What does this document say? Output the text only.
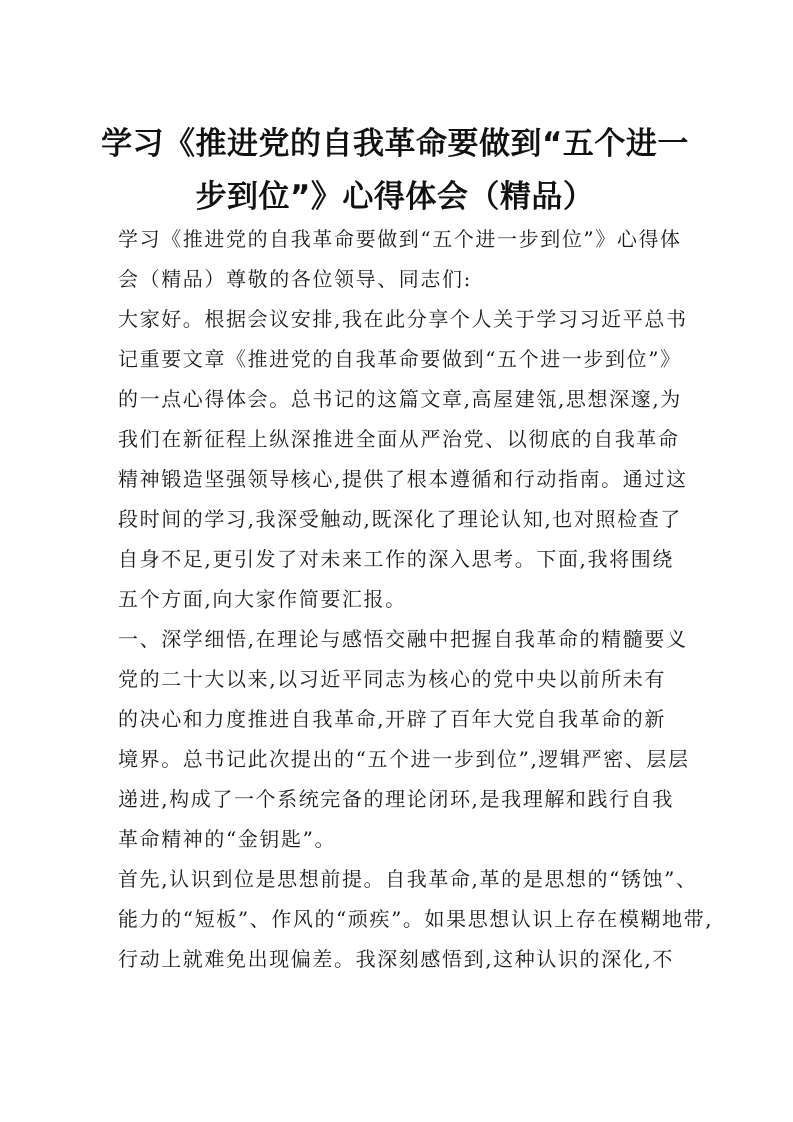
学习《推进党的自我革命要做到“五个进一
步到位”》心得体会（精品）

学习《推进党的自我革命要做到“五个进一步到位”》心得体
会（精品）尊敬的各位领导、同志们:

大家好。根据会议安排,我在此分享个人关于学习习近平总书
记重要文章《推进党的自我革命要做到“五个进一步到位”》
的一点心得体会。总书记的这篇文章,高屋建瓴,思想深邃,为
我们在新征程上纵深推进全面从严治党、以彻底的自我革命
精神锻造坚强领导核心,提供了根本遵循和行动指南。通过这
段时间的学习,我深受触动,既深化了理论认知,也对照检查了
自身不足,更引发了对未来工作的深入思考。下面,我将围绕
五个方面,向大家作简要汇报。

一、深学细悟,在理论与感悟交融中把握自我革命的精髓要义
党的二十大以来,以习近平同志为核心的党中央以前所未有
的决心和力度推进自我革命,开辟了百年大党自我革命的新
境界。总书记此次提出的“五个进一步到位”,逻辑严密、层层
递进,构成了一个系统完备的理论闭环,是我理解和践行自我
革命精神的“金钥匙”。

首先,认识到位是思想前提。自我革命,革的是思想的“锈蚀”、
能力的“短板”、作风的“顽疾”。如果思想认识上存在模糊地带,
行动上就难免出现偏差。我深刻感悟到,这种认识的深化,不
